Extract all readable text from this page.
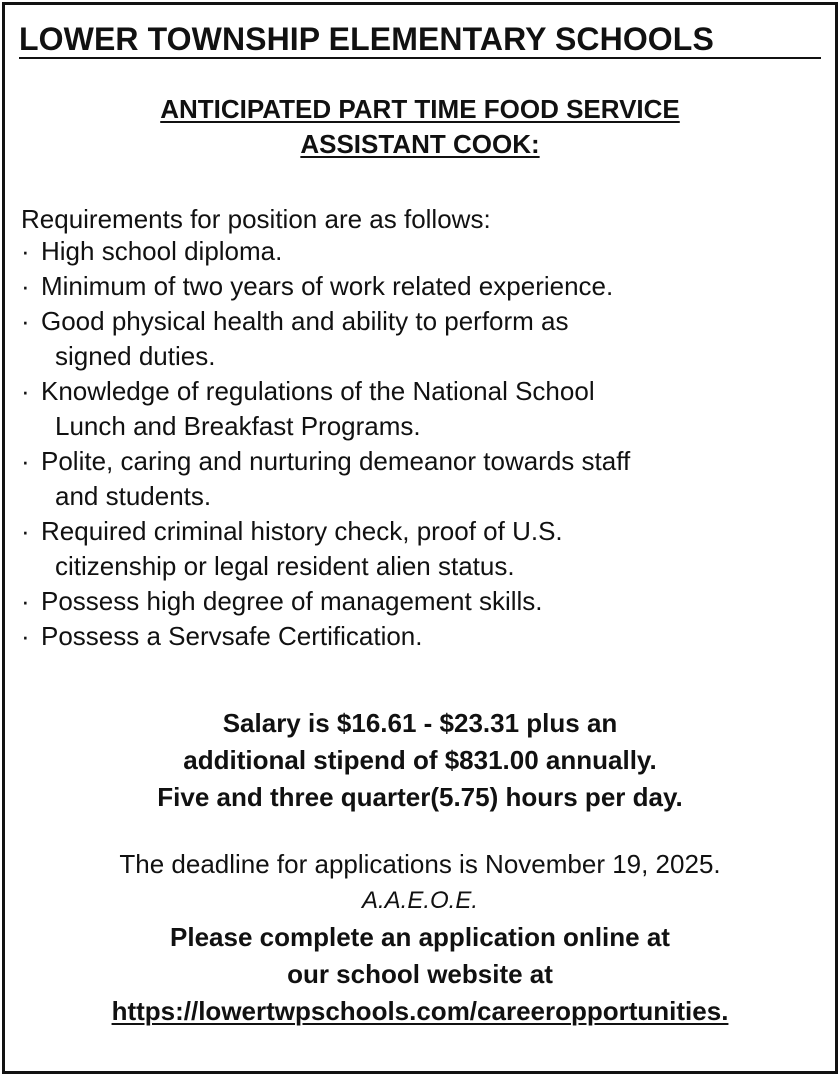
LOWER TOWNSHIP ELEMENTARY SCHOOLS
ANTICIPATED PART TIME FOOD SERVICE
ASSISTANT COOK:
Requirements for position are as follows:
· High school diploma.
· Minimum of two years of work related experience.
· Good physical health and ability to perform as
signed duties.
· Knowledge of regulations of the National School
Lunch and Breakfast Programs.
· Polite, caring and nurturing demeanor towards staff
and students.
· Required criminal history check, proof of U.S.
citizenship or legal resident alien status.
· Possess high degree of management skills.
· Possess a Servsafe Certification.
Salary is $16.61 - $23.31 plus an
additional stipend of $831.00 annually.
Five and three quarter(5.75) hours per day.
The deadline for applications is November 19, 2025.
A.A.E.O.E.
Please complete an application online at
our school website at
https://lowertwpschools.com/careeropportunities.
